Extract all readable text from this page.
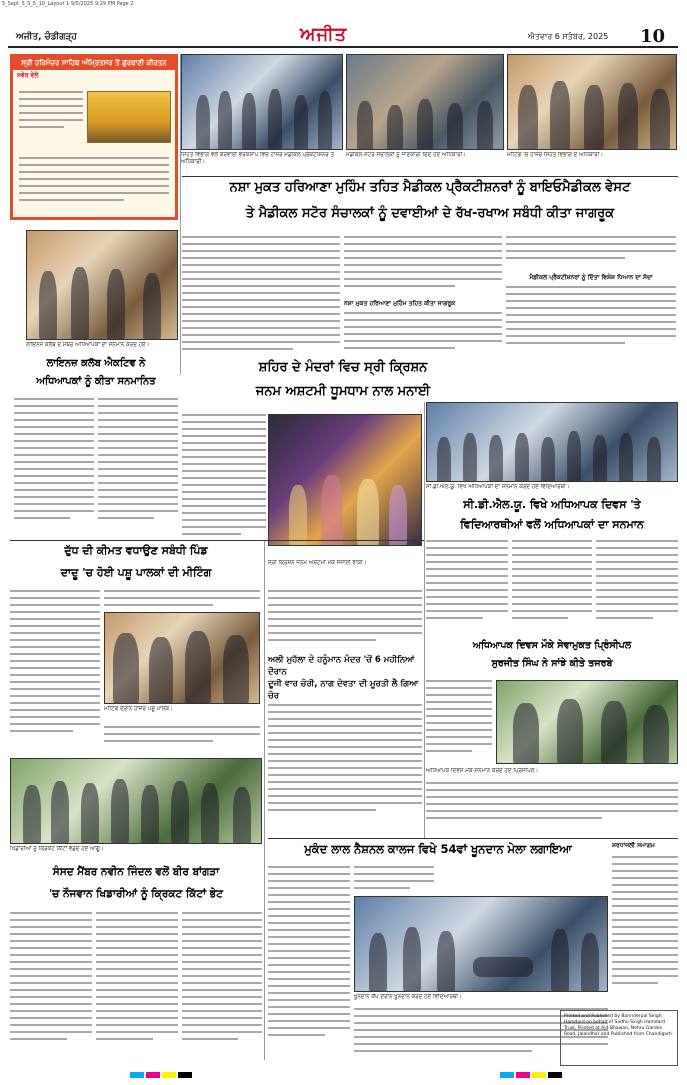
5_Sept_5_S_5_10_Layout 1 9/5/2025 9:29 PM Page 2
ਅਜੀਤ, ਚੰਡੀਗੜ੍ਹ	ਅਜੀਤ	ਐਤਵਾਰ 6 ਸਤੰਬਰ, 2025 10
ਸ੍ਰੀ ਹਰਿਮੰਦਰ ਸਾਹਿਬ ਅੰਮ੍ਰਿਤਸਰ ਤੋਂ ਗੁਰਬਾਣੀ ਕੀਰਤਨ
ਸਵੇਰ ਵੇਲੇ
ਸਿਹਤ ਵਿਭਾਗ ਵਲੋਂ ਕਰਵਾਈ ਵਰਕਸ਼ਾਪ ਵਿਚ ਹਾਜ਼ਰ ਮੈਡੀਕਲ ਪ੍ਰੈਕਟੀਸ਼ਨਰ ਤੇ ਅਧਿਕਾਰੀ।
ਮੈਡੀਕਲ ਸਟੋਰ ਸੰਚਾਲਕਾਂ ਨੂੰ ਜਾਣਕਾਰੀ ਦਿੰਦੇ ਹੋਏ ਅਧਿਕਾਰੀ।	ਮੀਟਿੰਗ 'ਚ ਹਾਜ਼ਰ ਸਿਹਤ ਵਿਭਾਗ ਦੇ ਅਧਿਕਾਰੀ।
ਨਸ਼ਾ ਮੁਕਤ ਹਰਿਆਣਾ ਮੁਹਿੰਮ ਤਹਿਤ ਮੈਡੀਕਲ ਪ੍ਰੈਕਟੀਸ਼ਨਰਾਂ ਨੂੰ ਬਾਇਓਮੈਡੀਕਲ ਵੇਸਟ
ਤੇ ਮੈਡੀਕਲ ਸਟੋਰ ਸੰਚਾਲਕਾਂ ਨੂੰ ਦਵਾਈਆਂ ਦੇ ਰੱਖ-ਰਖਾਅ ਸਬੰਧੀ ਕੀਤਾ ਜਾਗਰੂਕ
ਨਸ਼ਾ ਮੁਕਤ ਹਰਿਆਣਾ ਮੁਹਿੰਮ ਤਹਿਤ ਕੀਤਾ ਜਾਗਰੂਕ
ਮੈਡੀਕਲ ਪ੍ਰੈਕਟੀਸ਼ਨਰਾਂ ਨੂੰ ਦਿੱਤਾ ਵਿਸ਼ੇਸ਼ ਧਿਆਨ ਦਾ ਸੱਦਾ
ਲਾਇਨਜ਼ ਕਲੱਬ ਦੇ ਮੈਂਬਰ ਅਧਿਆਪਕਾਂ ਦਾ ਸਨਮਾਨ ਕਰਦੇ ਹੋਏ।
ਲਾਇਨਜ਼ ਕਲੱਬ ਐਕਟਿਵ ਨੇ
ਅਧਿਆਪਕਾਂ ਨੂੰ ਕੀਤਾ ਸਨਮਾਨਿਤ
ਸ਼ਹਿਰ ਦੇ ਮੰਦਰਾਂ ਵਿਚ ਸ੍ਰੀ ਕ੍ਰਿਸ਼ਨ
ਜਨਮ ਅਸ਼ਟਮੀ ਧੂਮਧਾਮ ਨਾਲ ਮਨਾਈ
ਸ੍ਰੀ ਕ੍ਰਿਸ਼ਨ ਜਨਮ ਅਸ਼ਟਮੀ ਮੌਕੇ ਸਜਾਈ ਝਾਕੀ।
ਸੀ.ਡੀ.ਐਲ.ਯੂ. ਵਿਖੇ ਅਧਿਆਪਕਾਂ ਦਾ ਸਨਮਾਨ ਕਰਦੇ ਹੋਏ ਵਿਦਿਆਰਥੀ।
ਸੀ.ਡੀ.ਐਲ.ਯੂ. ਵਿਖੇ ਅਧਿਆਪਕ ਦਿਵਸ 'ਤੇ
ਵਿਦਿਆਰਥੀਆਂ ਵਲੋਂ ਅਧਿਆਪਕਾਂ ਦਾ ਸਨਮਾਨ
ਦੁੱਧ ਦੀ ਕੀਮਤ ਵਧਾਉਣ ਸਬੰਧੀ ਪਿੰਡ
ਦਾਦੂ 'ਚ ਹੋਈ ਪਸ਼ੂ ਪਾਲਕਾਂ ਦੀ ਮੀਟਿੰਗ
ਮੀਟਿੰਗ ਦੌਰਾਨ ਹਾਜ਼ਰ ਪਸ਼ੂ ਪਾਲਕ।
ਅਲੀ ਮੁਹੱਲਾ ਦੇ ਹਨੂੰਮਾਨ ਮੰਦਰ 'ਚੋਂ 6 ਮਹੀਨਿਆਂ ਦੌਰਾਨ
ਦੂਜੀ ਵਾਰ ਚੋਰੀ, ਨਾਗ ਦੇਵਤਾ ਦੀ ਮੂਰਤੀ ਲੈ ਗਿਆ ਚੋਰ
ਅਧਿਆਪਕ ਦਿਵਸ ਮੌਕੇ ਸੇਵਾਮੁਕਤ ਪ੍ਰਿੰਸੀਪਲ
ਸੁਰਜੀਤ ਸਿੰਘ ਨੇ ਸਾਂਝੇ ਕੀਤੇ ਤਜਰਬੇ
ਅਧਿਆਪਕ ਦਿਵਸ ਮੌਕੇ ਸਨਮਾਨ ਕਰਦੇ ਹੋਏ ਪ੍ਰਿੰਸੀਪਲ।
ਖਿਡਾਰੀਆਂ ਨੂੰ ਕ੍ਰਿਕਟ ਕਿੱਟਾਂ ਵੰਡਦੇ ਹੋਏ ਆਗੂ।
ਸੰਸਦ ਮੈਂਬਰ ਨਵੀਨ ਜਿੰਦਲ ਵਲੋਂ ਬੀਰ ਬਾਂਗੜਾ
'ਚ ਨੌਜਵਾਨ ਖਿਡਾਰੀਆਂ ਨੂੰ ਕ੍ਰਿਕਟ ਕਿੱਟਾਂ ਭੇਟ
ਮੁਕੰਦ ਲਾਲ ਨੈਸ਼ਨਲ ਕਾਲਜ ਵਿਖੇ 54ਵਾਂ ਖੂਨਦਾਨ ਮੇਲਾ ਲਗਾਇਆ
ਖੂਨਦਾਨ ਕੈਂਪ ਦੌਰਾਨ ਖੂਨਦਾਨ ਕਰਦੇ ਹੋਏ ਵਿਦਿਆਰਥੀ।
ਸ਼ਰਧਾਂਜਲੀ ਸਮਾਗਮ
Printed and Published by Barinderpal Singh Hamdard on behalf of Sadhu Singh Hamdard Trust, Printed at Ajit Bhawan, Nehru Garden Road, Jalandhar and Published from Chandigarh.
